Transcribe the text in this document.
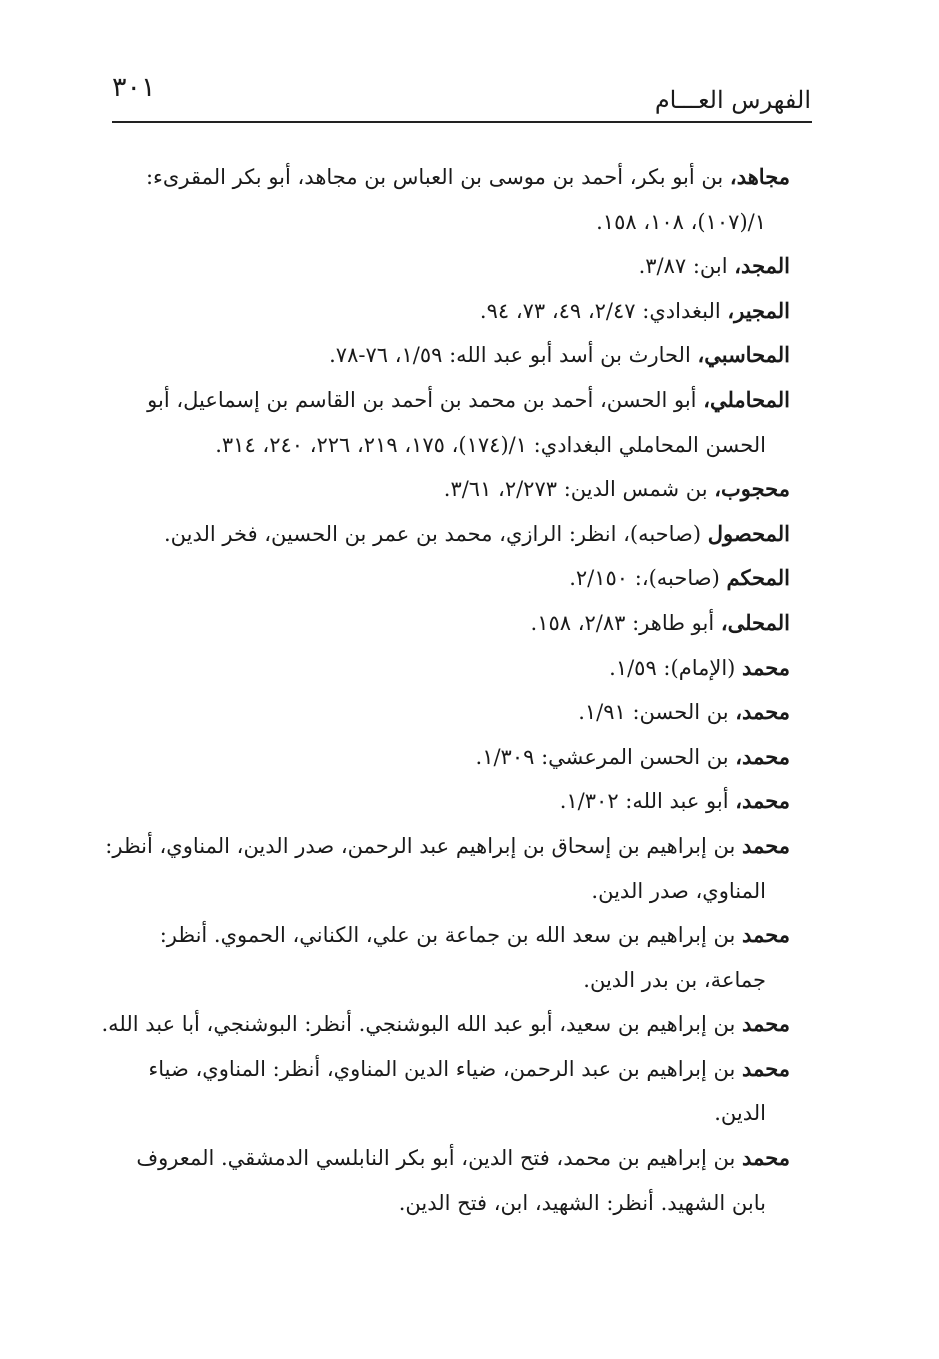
٣٠١	الفهرس العـــام

مجاهد، بن أبو بكر، أحمد بن موسى بن العباس بن مجاهد، أبو بكر المقرىء: ١/(١٠٧)، ١٠٨، ١٥٨.

المجد، ابن: ٣/٨٧.

المجير، البغدادي: ٢/٤٧، ٤٩، ٧٣، ٩٤.

المحاسبي، الحارث بن أسد أبو عبد الله: ١/٥٩، ٧٦-٧٨.

المحاملي، أبو الحسن، أحمد بن محمد بن أحمد بن القاسم بن إسماعيل، أبو الحسن المحاملي البغدادي: ١/(١٧٤)، ١٧٥، ٢١٩، ٢٢٦، ٢٤٠، ٣١٤.

محجوب، بن شمس الدين: ٢/٢٧٣، ٣/٦١.

المحصول (صاحبه)، انظر: الرازي، محمد بن عمر بن الحسين، فخر الدين.

المحكم (صاحبه)،: ٢/١٥٠.

المحلى، أبو طاهر: ٢/٨٣، ١٥٨.

محمد (الإمام): ١/٥٩.

محمد، بن الحسن: ١/٩١.

محمد، بن الحسن المرعشي: ١/٣٠٩.

محمد، أبو عبد الله: ١/٣٠٢.

محمد بن إبراهيم بن إسحاق بن إبراهيم عبد الرحمن، صدر الدين، المناوي، أنظر: المناوي، صدر الدين.

محمد بن إبراهيم بن سعد الله بن جماعة بن علي، الكناني، الحموي. أنظر: جماعة، بن بدر الدين.

محمد بن إبراهيم بن سعيد، أبو عبد الله البوشنجي. أنظر: البوشنجي، أبا عبد الله.

محمد بن إبراهيم بن عبد الرحمن، ضياء الدين المناوي، أنظر: المناوي، ضياء الدين.

محمد بن إبراهيم بن محمد، فتح الدين، أبو بكر النابلسي الدمشقي. المعروف بابن الشهيد. أنظر: الشهيد، ابن، فتح الدين.
